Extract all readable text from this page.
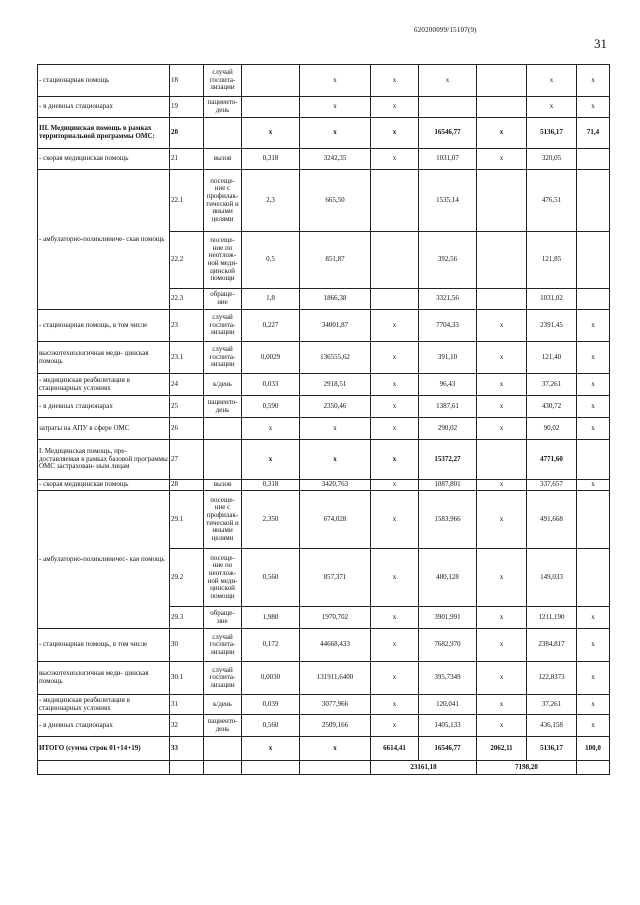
620200099/15107(9)
31
- стационарная помощь	18	случай госпита- лизации		х	х	х		х	х
- в дневных стационарах	19	пациенто- день		х	х			х	х
III. Медицинская помощь в рамках территориальной программы ОМС:	20		х	х	х	16546,77	х	5136,17	71,4
- скорая медицинская помощь	21	вызов	0,318	3242,35	х	1031,07	х	320,05	
- амбулаторно-поликлиниче- ская помощь	22.1	посеще- ние с профилак- тической и иными целями	2,3	665,50		1535,14		476,51	
	22.2	посеще- ние по неотлож- ной меди- цинской помощи	0,5	851,87		392,56		121,85	
	22.3	обраще- ние	1,8	1866,38		3321,56		1031,02	
- стационарная помощь, в том числе	23	случай госпита- лизации	0,227	34001,87	х	7704,33	х	2391,45	х
высокотехнологичная меди- цинская помощь	23.1	случай госпита- лизации	0,0029	136555,62	х	391,10	х	121,40	х
- медицинская реабилитация в стационарных условиях	24	к/день	0,033	2918,51	х	96,43	х	37,261	х
- в дневных стационарах	25	пациенто- день	0,590	2350,46	х	1387,61	х	430,72	х
затраты на АПУ в сфере ОМС	26		х	х	х	290,02	х	90,02	х
I. Медицинская помощь, пре- доставляемая в рамках базовой программы ОМС застрахован- ным лицам	27		х	х	х	15372,27		4771,60	
- скорая медицинская помощь	28	вызов	0,318	3420,763	х	1087,801	х	337,657	х
- амбулаторно-поликлиничес- кая помощь	29.1	посеще- ние с профилак- тической и иными целями	2,350	674,028	х	1583,966	х	491,668	
	29.2	посеще- ние по неотлож- ной меди- цинской помощи	0,560	857,371	х	480,128	х	149,033	
	29.3	обраще- ние	1,980	1970,702	х	3901,991	х	1211,190	х
- стационарная помощь, в том числе	30	случай госпита- лизации	0,172	44668,433	х	7682,970	х	2384,817	х
высокотехнологичная меди- цинская помощь	30.1	случай госпита- лизации	0,0030	131911,6400	х	395,7349	х	122,8373	х
- медицинская реабилитация в стационарных условиях	31	к/день	0,039	3077,966	х	120,041	х	37,261	х
- в дневных стационарах	32	пациенто- день	0,560	2509,166	х	1405,133	х	436,158	х
ИТОГО (сумма строк 01+14+19)	33		х	х	6614,41	16546,77	2062,11	5136,17	100,0
					23161,18		7198,28		
